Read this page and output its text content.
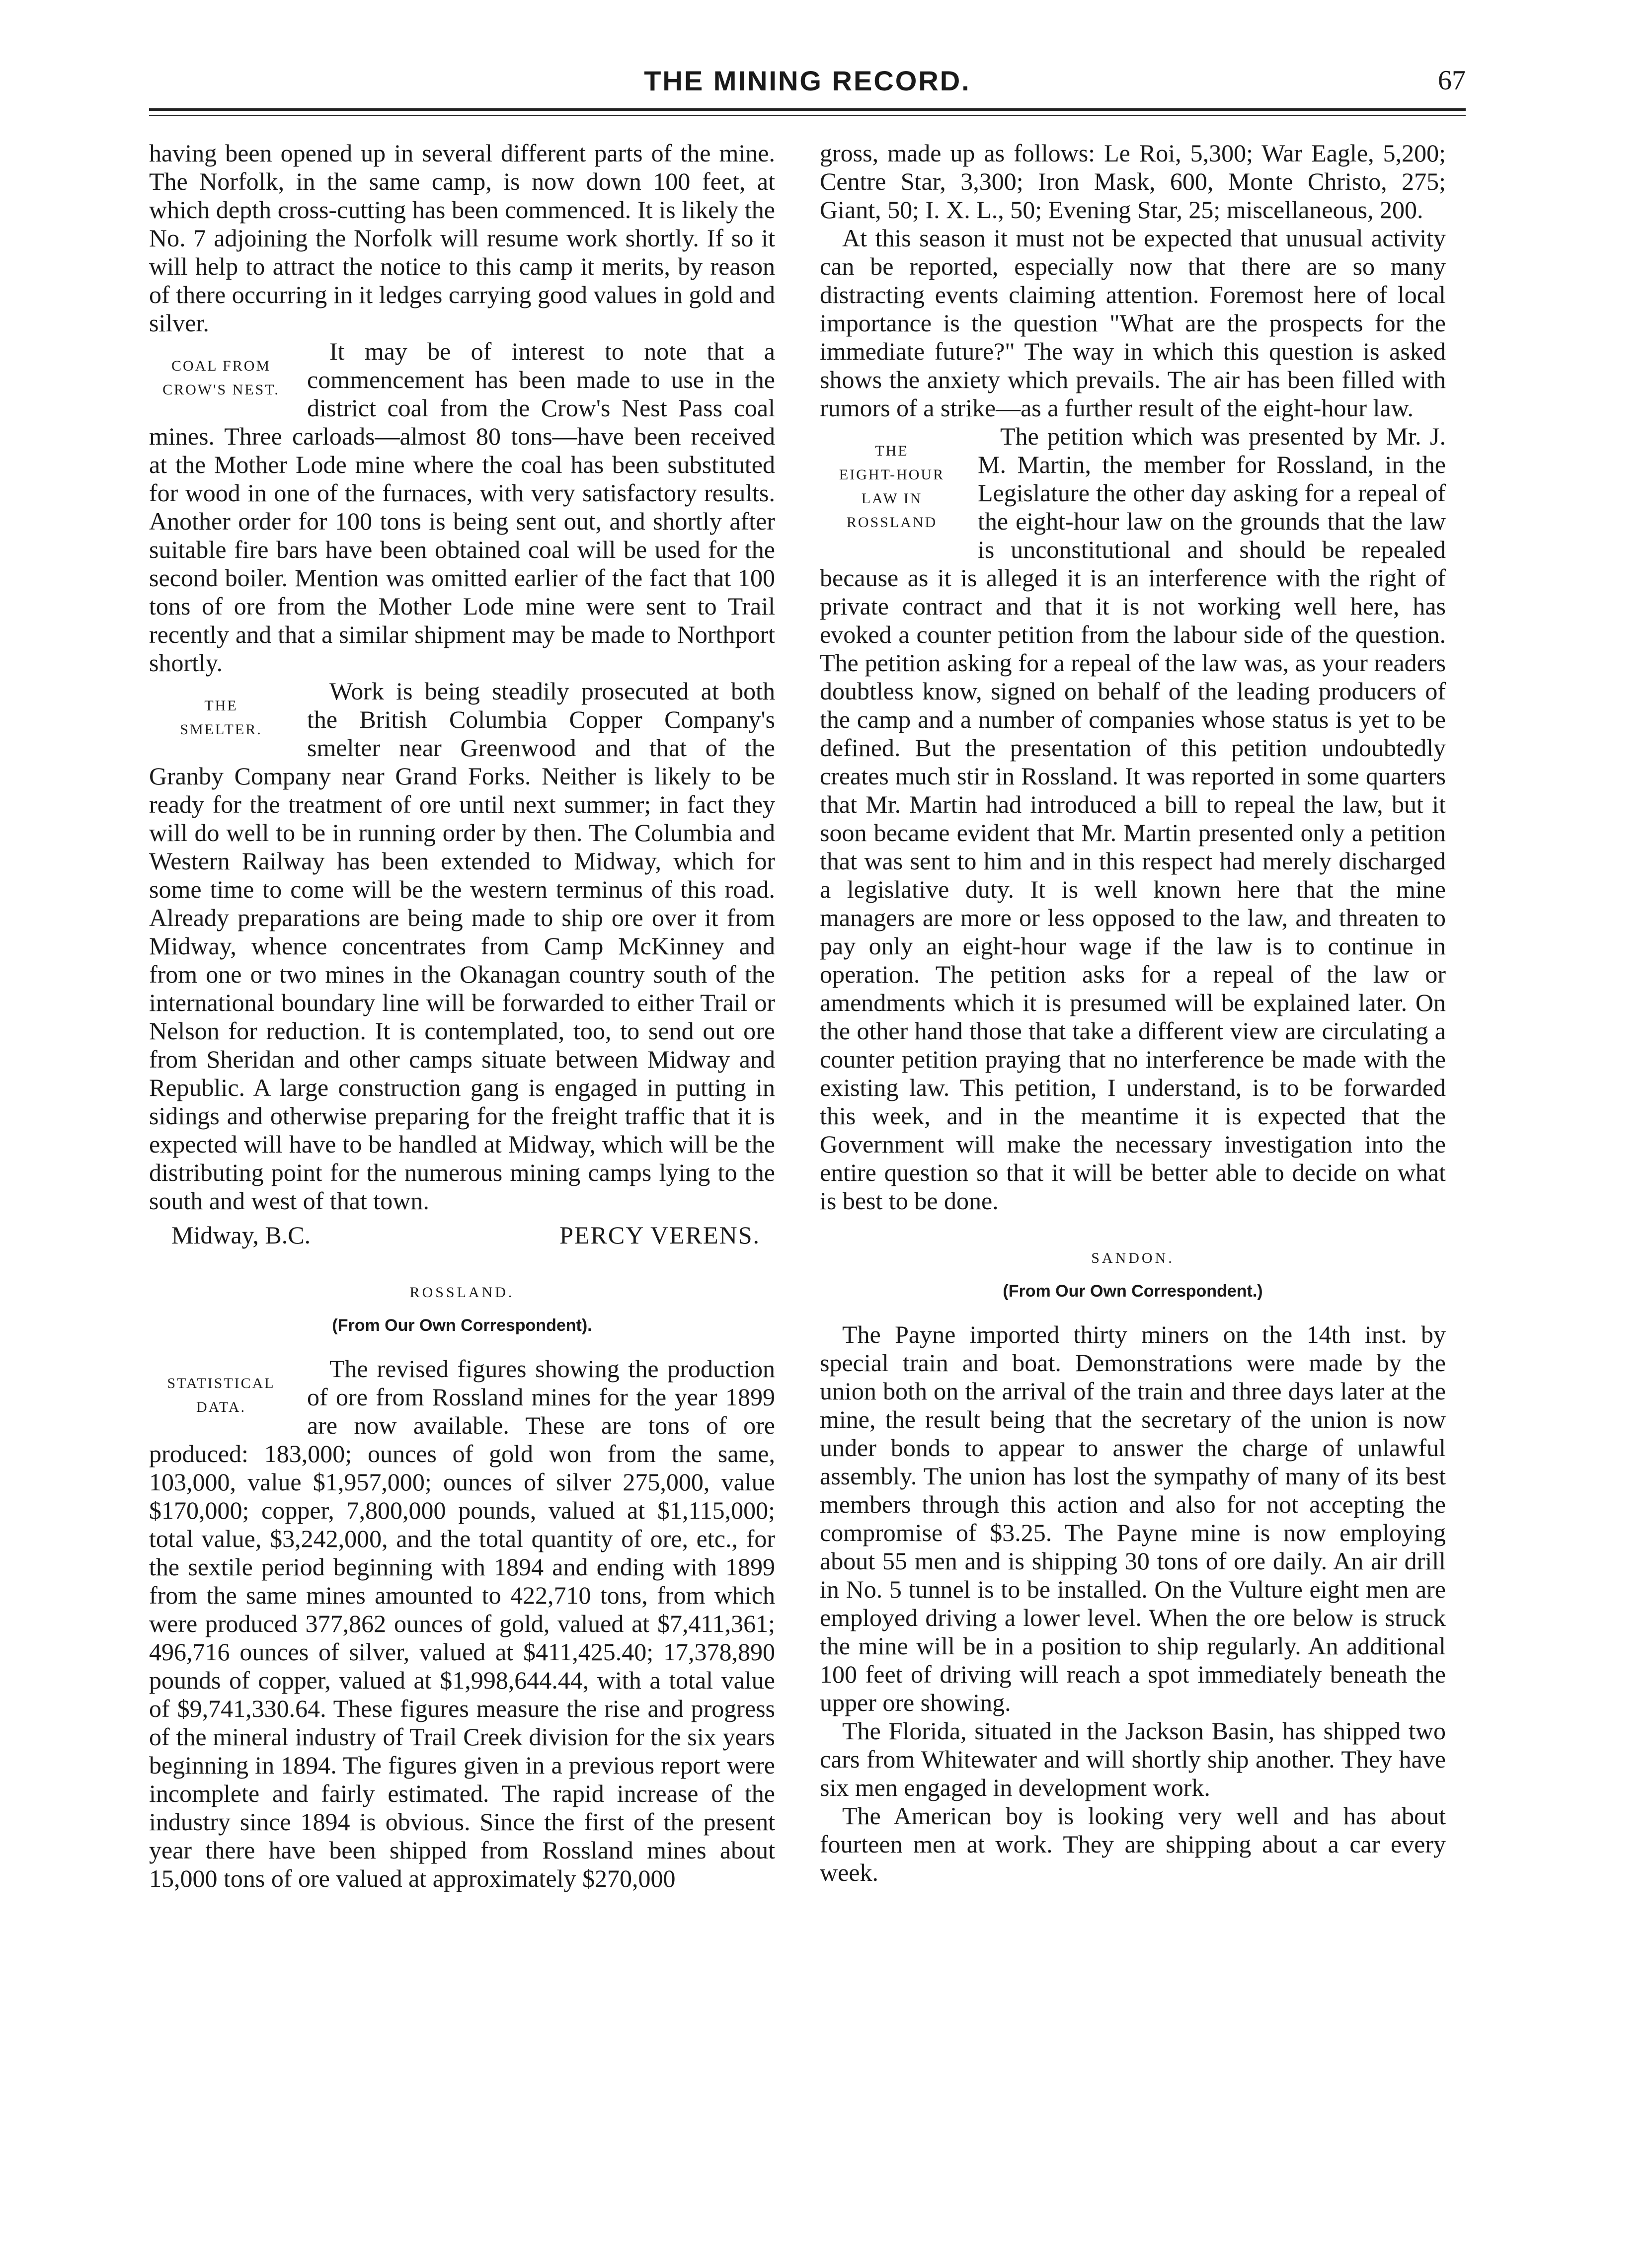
THE MINING RECORD.	67

having been opened up in several different parts of the mine. The Norfolk, in the same camp, is now down 100 feet, at which depth cross-cutting has been commenced. It is likely the No. 7 adjoining the Norfolk will resume work shortly. If so it will help to attract the notice to this camp it merits, by reason of there occurring in it ledges carrying good values in gold and silver.

COAL FROM
CROW'S NEST.

It may be of interest to note that a commencement has been made to use in the district coal from the Crow's Nest Pass coal mines. Three carloads—almost 80 tons—have been received at the Mother Lode mine where the coal has been substituted for wood in one of the furnaces, with very satisfactory results. Another order for 100 tons is being sent out, and shortly after suitable fire bars have been obtained coal will be used for the second boiler. Mention was omitted earlier of the fact that 100 tons of ore from the Mother Lode mine were sent to Trail recently and that a similar shipment may be made to Northport shortly.

THE
SMELTER.

Work is being steadily prosecuted at both the British Columbia Copper Company's smelter near Greenwood and that of the Granby Company near Grand Forks. Neither is likely to be ready for the treatment of ore until next summer; in fact they will do well to be in running order by then. The Columbia and Western Railway has been extended to Midway, which for some time to come will be the western terminus of this road. Already preparations are being made to ship ore over it from Midway, whence concentrates from Camp McKinney and from one or two mines in the Okanagan country south of the international boundary line will be forwarded to either Trail or Nelson for reduction. It is contemplated, too, to send out ore from Sheridan and other camps situate between Midway and Republic. A large construction gang is engaged in putting in sidings and otherwise preparing for the freight traffic that it is expected will have to be handled at Midway, which will be the distributing point for the numerous mining camps lying to the south and west of that town.

Midway, B.C.	PERCY VERENS.
ROSSLAND.
(From Our Own Correspondent).
STATISTICAL
DATA.

The revised figures showing the production of ore from Rossland mines for the year 1899 are now available. These are tons of ore produced: 183,000; ounces of gold won from the same, 103,000, value $1,957,000; ounces of silver 275,000, value $170,000; copper, 7,800,000 pounds, valued at $1,115,000; total value, $3,242,000, and the total quantity of ore, etc., for the sextile period beginning with 1894 and ending with 1899 from the same mines amounted to 422,710 tons, from which were produced 377,862 ounces of gold, valued at $7,411,361; 496,716 ounces of silver, valued at $411,425.40; 17,378,890 pounds of copper, valued at $1,998,644.44, with a total value of $9,741,330.64. These figures measure the rise and progress of the mineral industry of Trail Creek division for the six years beginning in 1894. The figures given in a previous report were incomplete and fairly estimated. The rapid increase of the industry since 1894 is obvious. Since the first of the present year there have been shipped from Rossland mines about 15,000 tons of ore valued at approximately $270,000

gross, made up as follows: Le Roi, 5,300; War Eagle, 5,200; Centre Star, 3,300; Iron Mask, 600, Monte Christo, 275; Giant, 50; I. X. L., 50; Evening Star, 25; miscellaneous, 200.

At this season it must not be expected that unusual activity can be reported, especially now that there are so many distracting events claiming attention. Foremost here of local importance is the question "What are the prospects for the immediate future?" The way in which this question is asked shows the anxiety which prevails. The air has been filled with rumors of a strike—as a further result of the eight-hour law.

THE
EIGHT-HOUR
LAW IN
ROSSLAND

The petition which was presented by Mr. J. M. Martin, the member for Rossland, in the Legislature the other day asking for a repeal of the eight-hour law on the grounds that the law is unconstitutional and should be repealed because as it is alleged it is an interference with the right of private contract and that it is not working well here, has evoked a counter petition from the labour side of the question. The petition asking for a repeal of the law was, as your readers doubtless know, signed on behalf of the leading producers of the camp and a number of companies whose status is yet to be defined. But the presentation of this petition undoubtedly creates much stir in Rossland. It was reported in some quarters that Mr. Martin had introduced a bill to repeal the law, but it soon became evident that Mr. Martin presented only a petition that was sent to him and in this respect had merely discharged a legislative duty. It is well known here that the mine managers are more or less opposed to the law, and threaten to pay only an eight-hour wage if the law is to continue in operation. The petition asks for a repeal of the law or amendments which it is presumed will be explained later. On the other hand those that take a different view are circulating a counter petition praying that no interference be made with the existing law. This petition, I understand, is to be forwarded this week, and in the meantime it is expected that the Government will make the necessary investigation into the entire question so that it will be better able to decide on what is best to be done.

SANDON.
(From Our Own Correspondent.)

The Payne imported thirty miners on the 14th inst. by special train and boat. Demonstrations were made by the union both on the arrival of the train and three days later at the mine, the result being that the secretary of the union is now under bonds to appear to answer the charge of unlawful assembly. The union has lost the sympathy of many of its best members through this action and also for not accepting the compromise of $3.25. The Payne mine is now employing about 55 men and is shipping 30 tons of ore daily. An air drill in No. 5 tunnel is to be installed. On the Vulture eight men are employed driving a lower level. When the ore below is struck the mine will be in a position to ship regularly. An additional 100 feet of driving will reach a spot immediately beneath the upper ore showing.

The Florida, situated in the Jackson Basin, has shipped two cars from Whitewater and will shortly ship another. They have six men engaged in development work.

The American boy is looking very well and has about fourteen men at work. They are shipping about a car every week.
